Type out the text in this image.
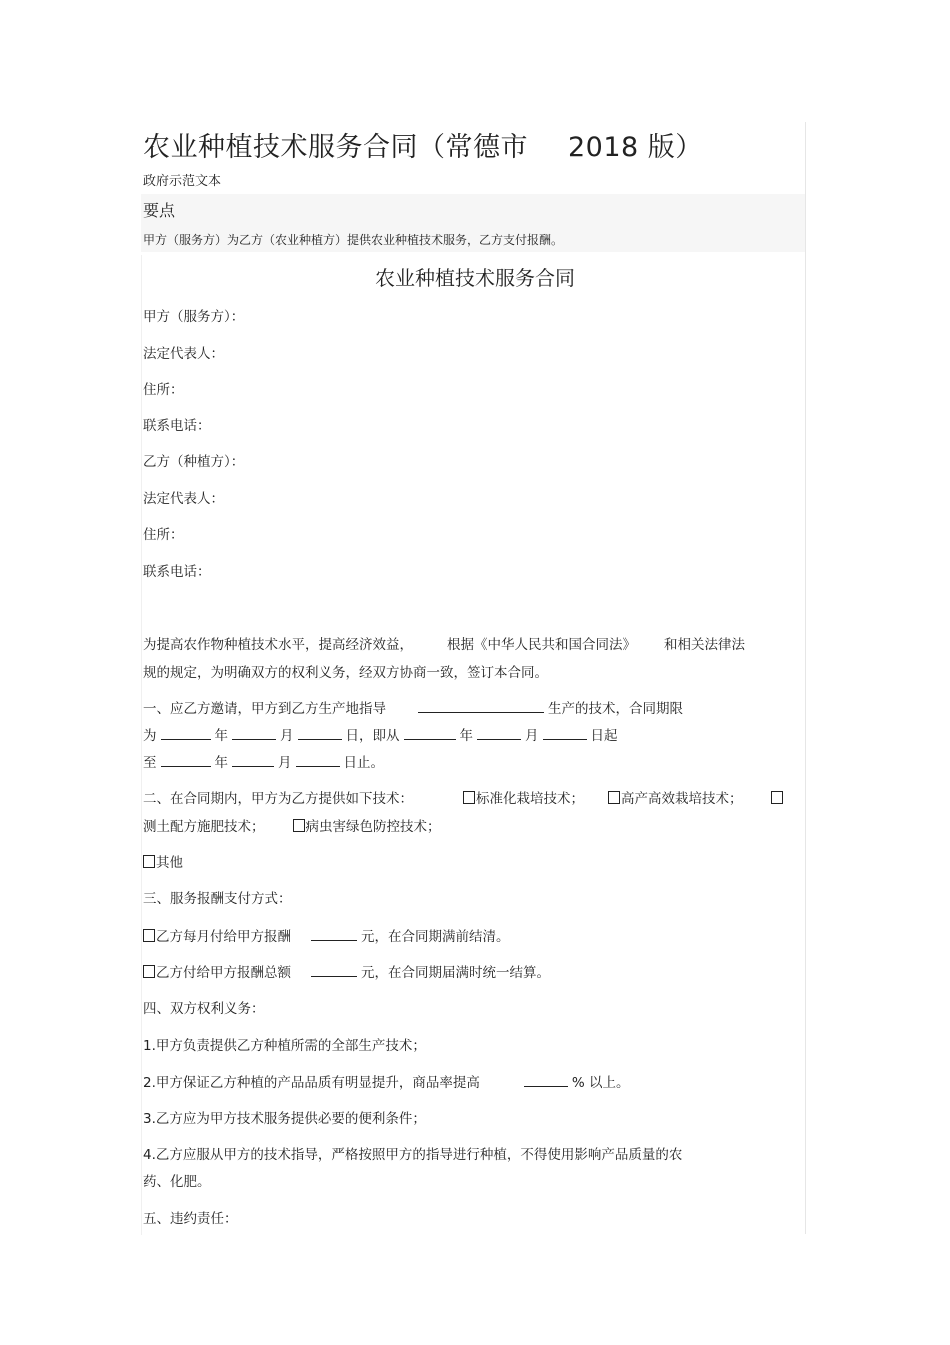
农业种植技术服务合同（常德市 2018 版）
政府示范文本
要点
甲方（服务方）为乙方（农业种植方）提供农业种植技术服务，乙方支付报酬。
农业种植技术服务合同
甲方（服务方）：
法定代表人：
住所：
联系电话：
乙方（种植方）：
法定代表人：
住所：
联系电话：
为提高农作物种植技术水平，提高经济效益，	根据《中华人民共和国合同法》 和相关法律法
规的规定，为明确双方的权利义务，经双方协商一致，签订本合同。
一、应乙方邀请，甲方到乙方生产地指导	生产的技术，合同期限
为	年	月	日，即从	年	月	日起
至	年	月	日止。
二、在合同期内，甲方为乙方提供如下技术：	标准化栽培技术；	高产高效栽培技术；
测土配方施肥技术；	病虫害绿色防控技术；
其他
三、服务报酬支付方式：
乙方每月付给甲方报酬	元，在合同期满前结清。
乙方付给甲方报酬总额	元，在合同期届满时统一结算。
四、双方权利义务：
1.甲方负责提供乙方种植所需的全部生产技术；
2.甲方保证乙方种植的产品品质有明显提升，商品率提高	% 以上。
3.乙方应为甲方技术服务提供必要的便利条件；
4.乙方应服从甲方的技术指导，严格按照甲方的指导进行种植，不得使用影响产品质量的农
药、化肥。
五、违约责任：
